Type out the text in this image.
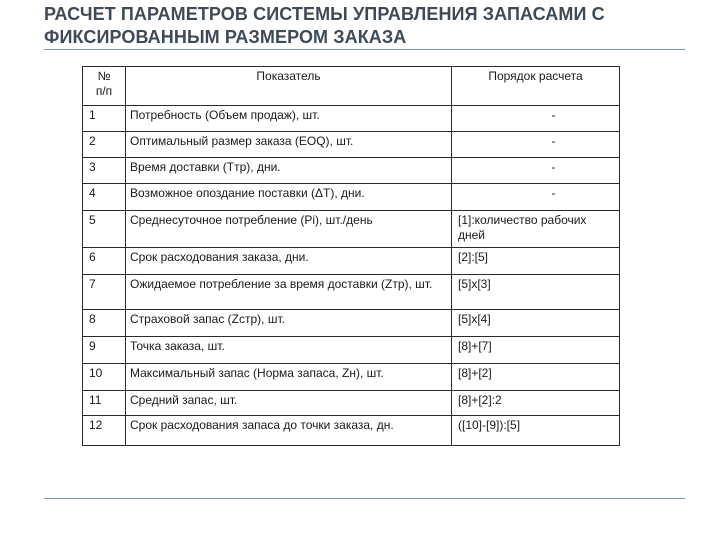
РАСЧЕТ ПАРАМЕТРОВ СИСТЕМЫ УПРАВЛЕНИЯ ЗАПАСАМИ С
ФИКСИРОВАННЫМ РАЗМЕРОМ ЗАКАЗА
№
п/п	Показатель	Порядок расчета
1	Потребность (Объем продаж), шт.	-
2	Оптимальный размер заказа (EOQ), шт.	-
3	Время доставки (Ттр), дни.	-
4	Возможное опоздание поставки (ΔT), дни.	-
5	Среднесуточное потребление (Pi), шт./день	[1]:количество рабочих дней
6	Срок расходования заказа, дни.	[2]:[5]
7	Ожидаемое потребление за время доставки (Zтр), шт.	[5]x[3]
8	Страховой запас (Zстр), шт.	[5]x[4]
9	Точка заказа, шт.	[8]+[7]
10	Максимальный запас (Норма запаса, Zн), шт.	[8]+[2]
11	Средний запас, шт.	[8]+[2]:2
12	Срок расходования запаса до точки заказа, дн.	([10]-[9]):[5]
